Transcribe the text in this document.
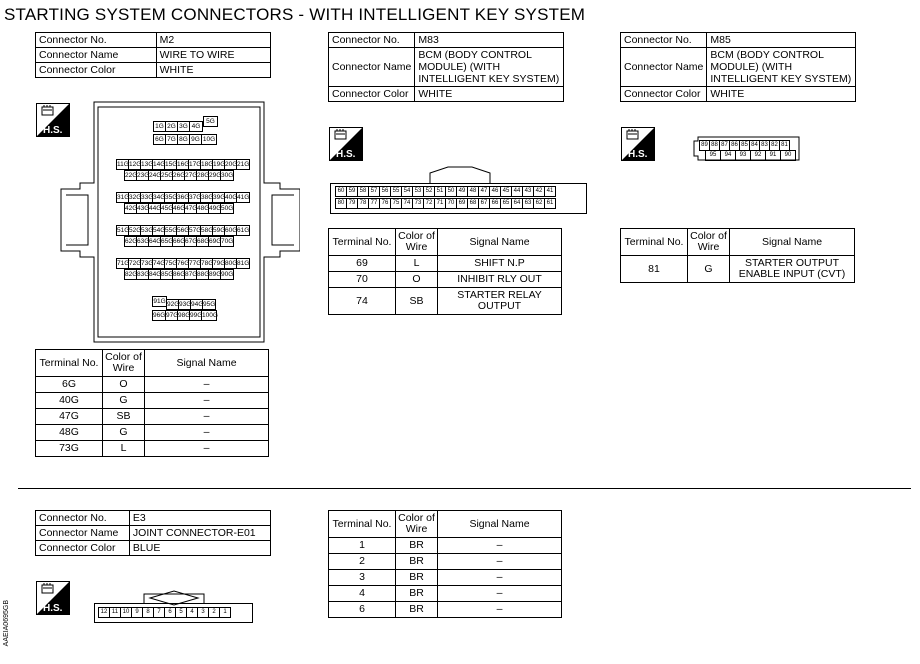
STARTING SYSTEM CONNECTORS - WITH INTELLIGENT KEY SYSTEM
Connector No.	M2
Connector Name	WIRE TO WIRE
Connector Color	WHITE
H.S.	1G 2G 3G 4G
5G
6G 7G 8G 9G 10G
11G 12G 13G 14G 15G 16G 17G 18G 19G 20G 21G
22G 23G 24G 25G 26G 27G 28G 29G 30G
31G 32G 33G 34G 35G 36G 37G 38G 39G 40G 41G
42G 43G 44G 45G 46G 47G 48G 49G 50G
51G 52G 53G 54G 55G 56G 57G 58G 59G 60G 61G
62G 63G 64G 65G 66G 67G 68G 69G 70G
71G 72G 73G 74G 75G 76G 77G 78G 79G 80G 81G
82G 83G 84G 85G 86G 87G 88G 89G 90G
91G 92G 93G 94G 95G
96G 97G 98G 99G 100G
Terminal No.	Color of Wire	Signal Name
6G	O	–
40G	G	–
47G	SB	–
48G	G	–
73G	L	–
Connector No.	M83
Connector Name	BCM (BODY CONTROL MODULE) (WITH INTELLIGENT KEY SYSTEM)
Connector Color	WHITE
H.S.
60 59 58 57 56 55 54 53 52 51 50 49 48 47 46 45 44 43 42 41
80 79 78 77 76 75 74 73 72 71 70 69 68 67 66 65 64 63 62 61
Terminal No.	Color of Wire	Signal Name
69	L	SHIFT N.P
70	O	INHIBIT RLY OUT
74	SB	STARTER RELAY OUTPUT
Connector No.	M85
Connector Name	BCM (BODY CONTROL MODULE) (WITH INTELLIGENT KEY SYSTEM)
Connector Color	WHITE
H.S.
89 88 87 86 85 84 83 82 81
95	94	93	92	91	90
Terminal No.	Color of Wire	Signal Name
81	G	STARTER OUTPUT ENABLE INPUT (CVT)
Connector No.	E3
Connector Name	JOINT CONNECTOR-E01
Connector Color	BLUE
H.S.	12 11 10 9	8	7	6	5	4	3	2	1
Terminal No.	Color of Wire	Signal Name
1	BR	–
2	BR	–
3	BR	–
4	BR	–
6	BR	–
AAEIA0695GB
